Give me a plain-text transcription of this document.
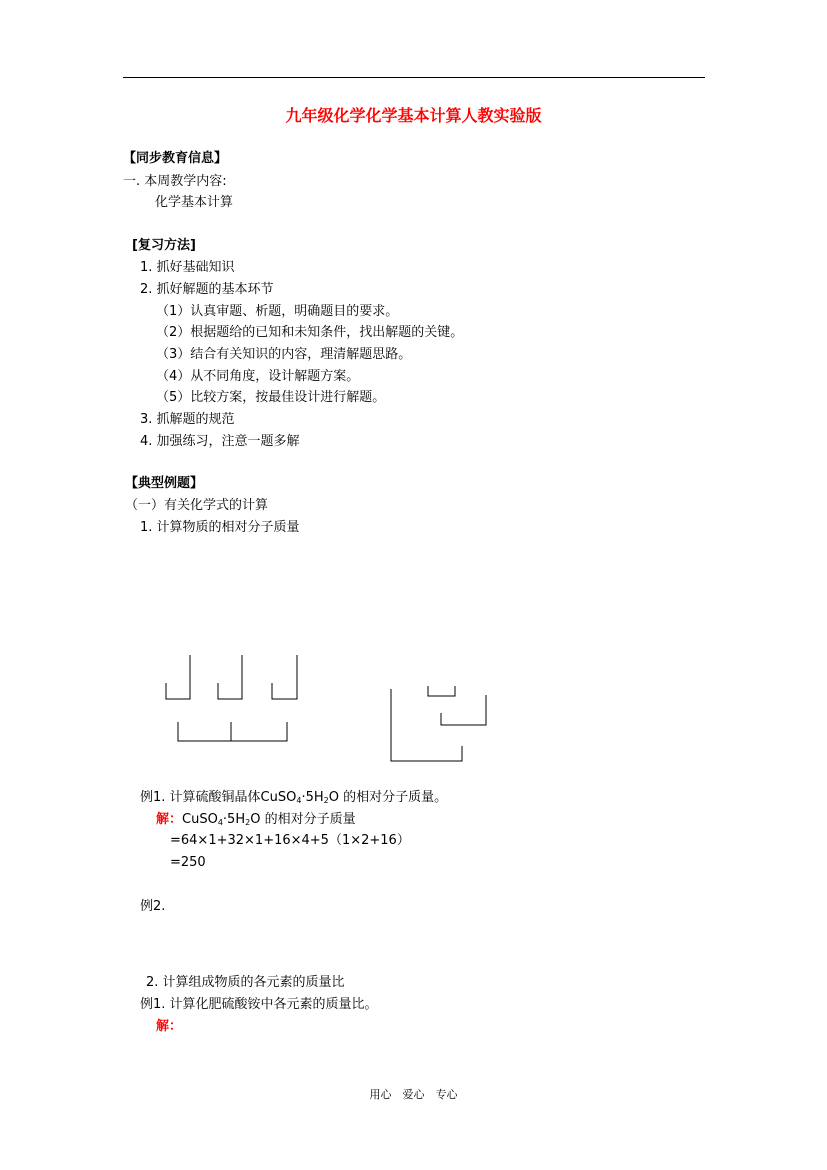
九年级化学化学基本计算人教实验版
【同步教育信息】
一. 本周教学内容:
化学基本计算
[复习方法]
1. 抓好基础知识
2. 抓好解题的基本环节
（1）认真审题、析题，明确题目的要求。
（2）根据题给的已知和未知条件，找出解题的关键。
（3）结合有关知识的内容，理清解题思路。
（4）从不同角度，设计解题方案。
（5）比较方案，按最佳设计进行解题。
3. 抓解题的规范
4. 加强练习，注意一题多解
【典型例题】
（一）有关化学式的计算
1. 计算物质的相对分子质量
例1. 计算硫酸铜晶体$CuSO_4\cdot 5H_2O$ 的相对分子质量。
解：$CuSO_4\cdot 5H_2O$ 的相对分子质量
=64×1+32×1+16×4+5（1×2+16）
=250
例2.
2. 计算组成物质的各元素的质量比
例1. 计算化肥硫酸铵中各元素的质量比。
解：
用心　爱心　专心
